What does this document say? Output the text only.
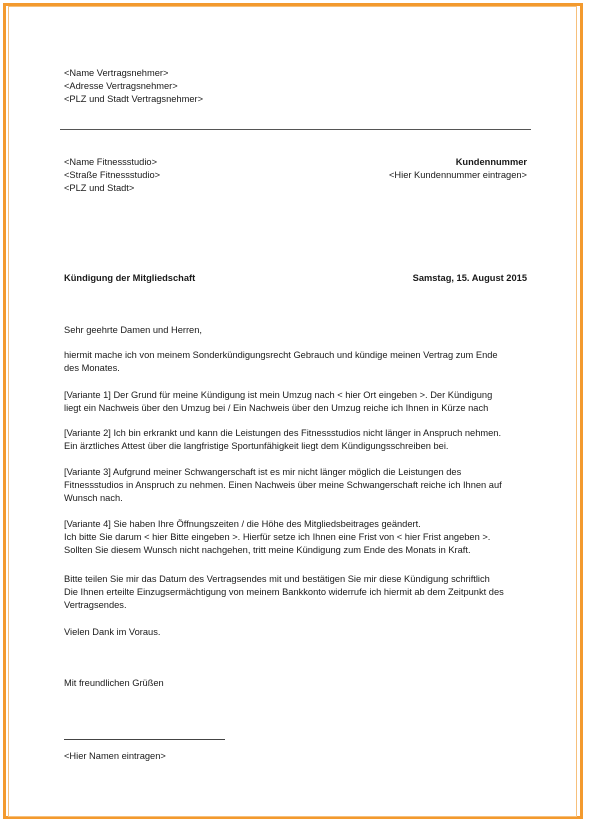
<Name Vertragsnehmer>
<Adresse Vertragsnehmer>
<PLZ und Stadt Vertragsnehmer>
<Name Fitnessstudio>
<Straße Fitnessstudio>
<PLZ und Stadt>
Kundennummer
<Hier Kundennummer eintragen>
Kündigung der Mitgliedschaft	Samstag, 15. August 2015
Sehr geehrte Damen und Herren,
hiermit mache ich von meinem Sonderkündigungsrecht Gebrauch und kündige meinen Vertrag zum Ende
des Monates.
[Variante 1] Der Grund für meine Kündigung ist mein Umzug nach < hier Ort eingeben >. Der Kündigung
liegt ein Nachweis über den Umzug bei / Ein Nachweis über den Umzug reiche ich Ihnen in Kürze nach
[Variante 2] Ich bin erkrankt und kann die Leistungen des Fitnessstudios nicht länger in Anspruch nehmen.
Ein ärztliches Attest über die langfristige Sportunfähigkeit liegt dem Kündigungsschreiben bei.
[Variante 3] Aufgrund meiner Schwangerschaft ist es mir nicht länger möglich die Leistungen des
Fitnessstudios in Anspruch zu nehmen. Einen Nachweis über meine Schwangerschaft reiche ich Ihnen auf
Wunsch nach.
[Variante 4] Sie haben Ihre Öffnungszeiten / die Höhe des Mitgliedsbeitrages geändert.
Ich bitte Sie darum < hier Bitte eingeben >. Hierfür setze ich Ihnen eine Frist von < hier Frist angeben >.
Sollten Sie diesem Wunsch nicht nachgehen, tritt meine Kündigung zum Ende des Monats in Kraft.
Bitte teilen Sie mir das Datum des Vertragsendes mit und bestätigen Sie mir diese Kündigung schriftlich
Die Ihnen erteilte Einzugsermächtigung von meinem Bankkonto widerrufe ich hiermit ab dem Zeitpunkt des
Vertragsendes.
Vielen Dank im Voraus.
Mit freundlichen Grüßen
<Hier Namen eintragen>
